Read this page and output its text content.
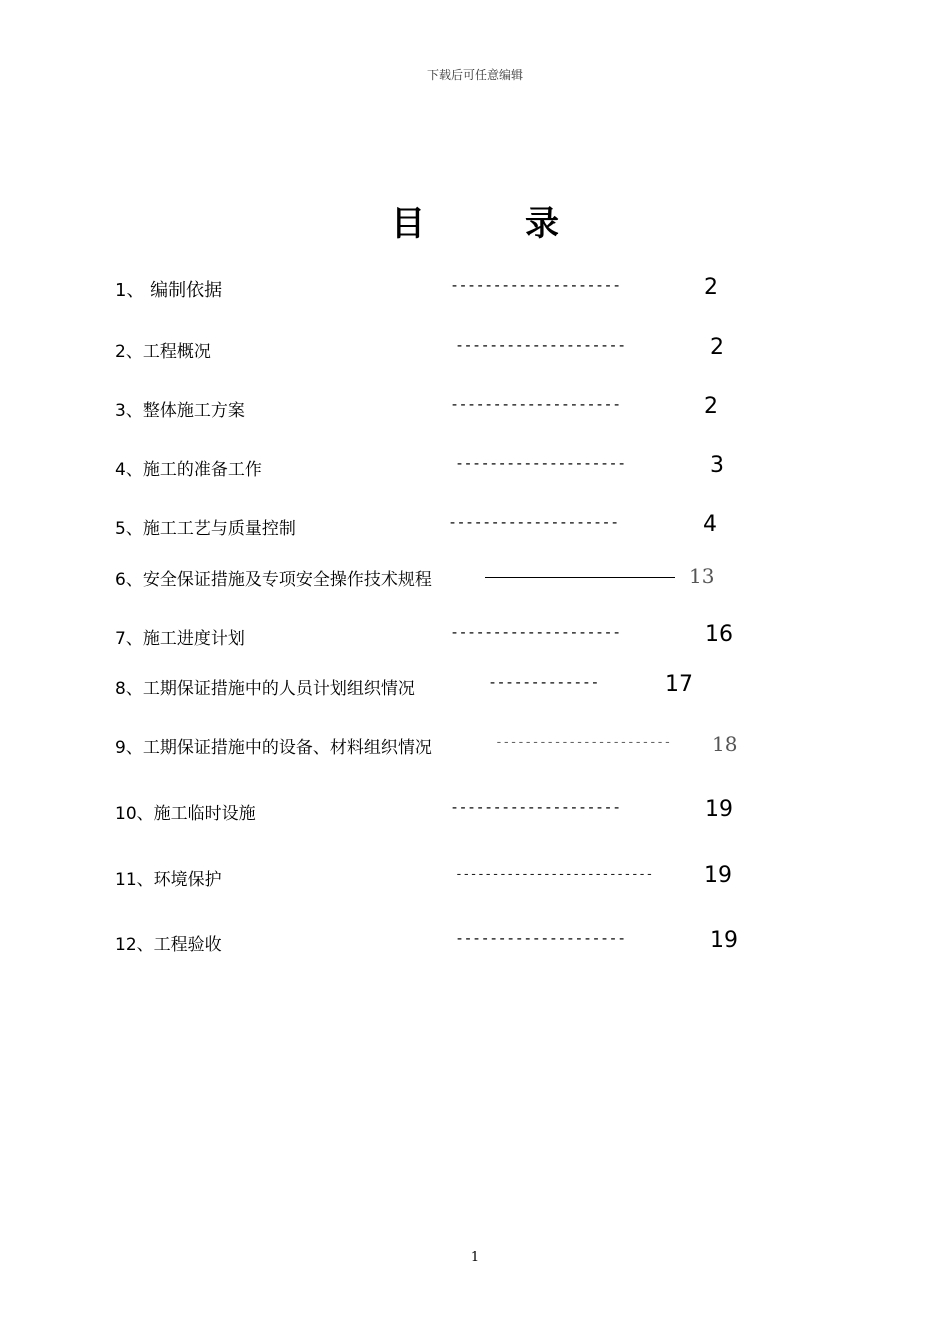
下载后可任意编辑
目	录
1、 编制依据	--------------------	2
2、工程概况	--------------------	2
3、整体施工方案	--------------------	2
4、施工的准备工作	--------------------	3
5、施工工艺与质量控制	--------------------	4
6、安全保证措施及专项安全操作技术规程	13
7、施工进度计划	--------------------	16
8、工期保证措施中的人员计划组织情况	-------------	17
9、工期保证措施中的设备、材料组织情况	------------------------ 18
10、施工临时设施	--------------------	19
11、环境保护	--------------------------- 19
12、工程验收	--------------------	19
1
